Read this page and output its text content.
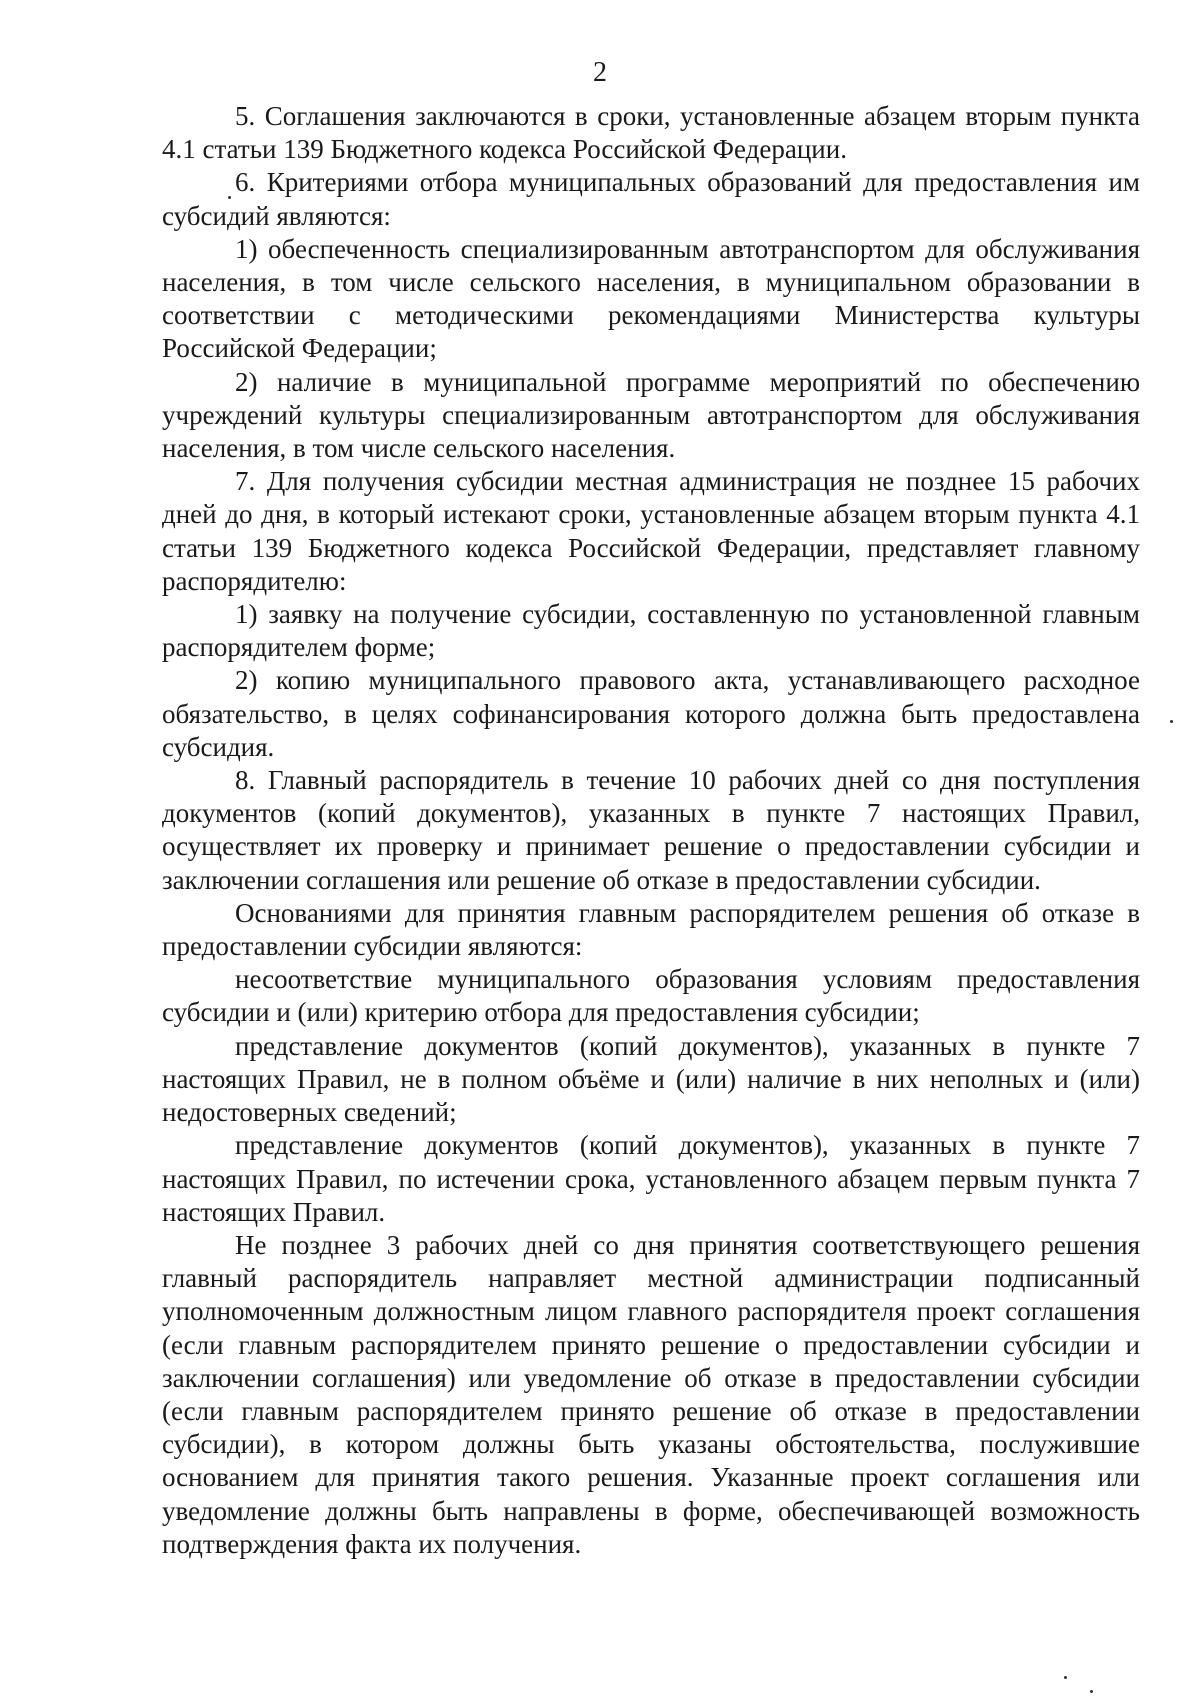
2

5. Соглашения заключаются в сроки, установленные абзацем вторым пункта 4.1 статьи 139 Бюджетного кодекса Российской Федерации.

6. Критериями отбора муниципальных образований для предоставления им субсидий являются:

1) обеспеченность специализированным автотранспортом для обслуживания населения, в том числе сельского населения, в муниципальном образовании в соответствии с методическими рекомендациями Министерства культуры Российской Федерации;

2) наличие в муниципальной программе мероприятий по обеспечению учреждений культуры специализированным автотранспортом для обслуживания населения, в том числе сельского населения.

7. Для получения субсидии местная администрация не позднее 15 рабочих дней до дня, в который истекают сроки, установленные абзацем вторым пункта 4.1 статьи 139 Бюджетного кодекса Российской Федерации, представляет главному распорядителю:

1) заявку на получение субсидии, составленную по установленной главным распорядителем форме;

2) копию муниципального правового акта, устанавливающего расходное обязательство, в целях софинансирования которого должна быть предоставлена субсидия.

8. Главный распорядитель в течение 10 рабочих дней со дня поступления документов (копий документов), указанных в пункте 7 настоящих Правил, осуществляет их проверку и принимает решение о предоставлении субсидии и заключении соглашения или решение об отказе в предоставлении субсидии.

Основаниями для принятия главным распорядителем решения об отказе в предоставлении субсидии являются:

несоответствие муниципального образования условиям предоставления субсидии и (или) критерию отбора для предоставления субсидии;

представление документов (копий документов), указанных в пункте 7 настоящих Правил, не в полном объёме и (или) наличие в них неполных и (или) недостоверных сведений;

представление документов (копий документов), указанных в пункте 7 настоящих Правил, по истечении срока, установленного абзацем первым пункта 7 настоящих Правил.

Не позднее 3 рабочих дней со дня принятия соответствующего решения главный распорядитель направляет местной администрации подписанный уполномоченным должностным лицом главного распорядителя проект соглашения (если главным распорядителем принято решение о предоставлении субсидии и заключении соглашения) или уведомление об отказе в предоставлении субсидии (если главным распорядителем принято решение об отказе в предоставлении субсидии), в котором должны быть указаны обстоятельства, послужившие основанием для принятия такого решения. Указанные проект соглашения или уведомление должны быть направлены в форме, обеспечивающей возможность подтверждения факта их получения.
